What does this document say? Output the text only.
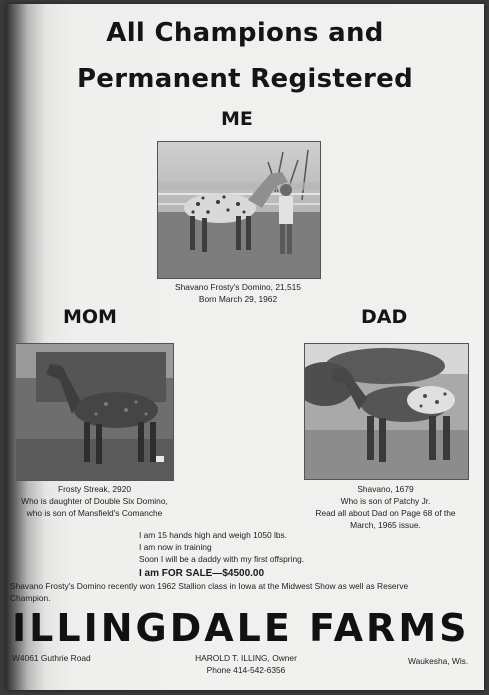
All Champions and
Permanent Registered
ME
Shavano Frosty's Domino, 21,515
Born March 29, 1962
MOM	DAD
Frosty Streak, 2920
Who is daughter of Double Six Domino,
who is son of Mansfield's Comanche
Shavano, 1679
Who is son of Patchy Jr.
Read all about Dad on Page 68 of the
March, 1965 issue.
I am 15 hands high and weigh 1050 lbs.
I am now in training
Soon I will be a daddy with my first offspring.
I am FOR SALE—$4500.00
Shavano Frosty's Domino recently won 1962 Stallion class in Iowa at the Midwest Show as well as Reserve
Champion.
ILLINGDALE FARMS
W4061 Guthrie Road	HAROLD T. ILLING, Owner
Phone 414-542-6356
Waukesha, Wis.
